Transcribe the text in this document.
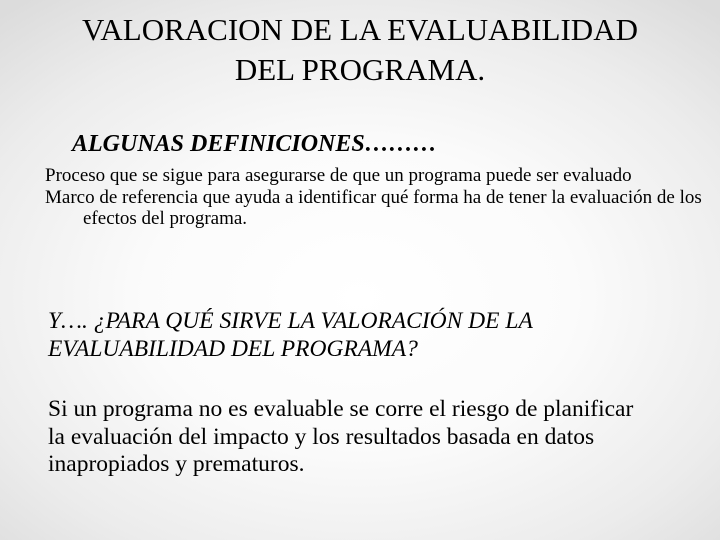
VALORACION DE LA EVALUABILIDAD
DEL PROGRAMA.
ALGUNAS DEFINICIONES………
Proceso que se sigue para asegurarse de que un programa puede ser evaluado
Marco de referencia que ayuda a identificar qué forma ha de tener la evaluación de los efectos del programa.

Y…. ¿PARA QUÉ SIRVE LA VALORACIÓN DE LA EVALUABILIDAD DEL PROGRAMA?

Si un programa no es evaluable se corre el riesgo de planificar la evaluación del impacto y los resultados basada en datos inapropiados y prematuros.
